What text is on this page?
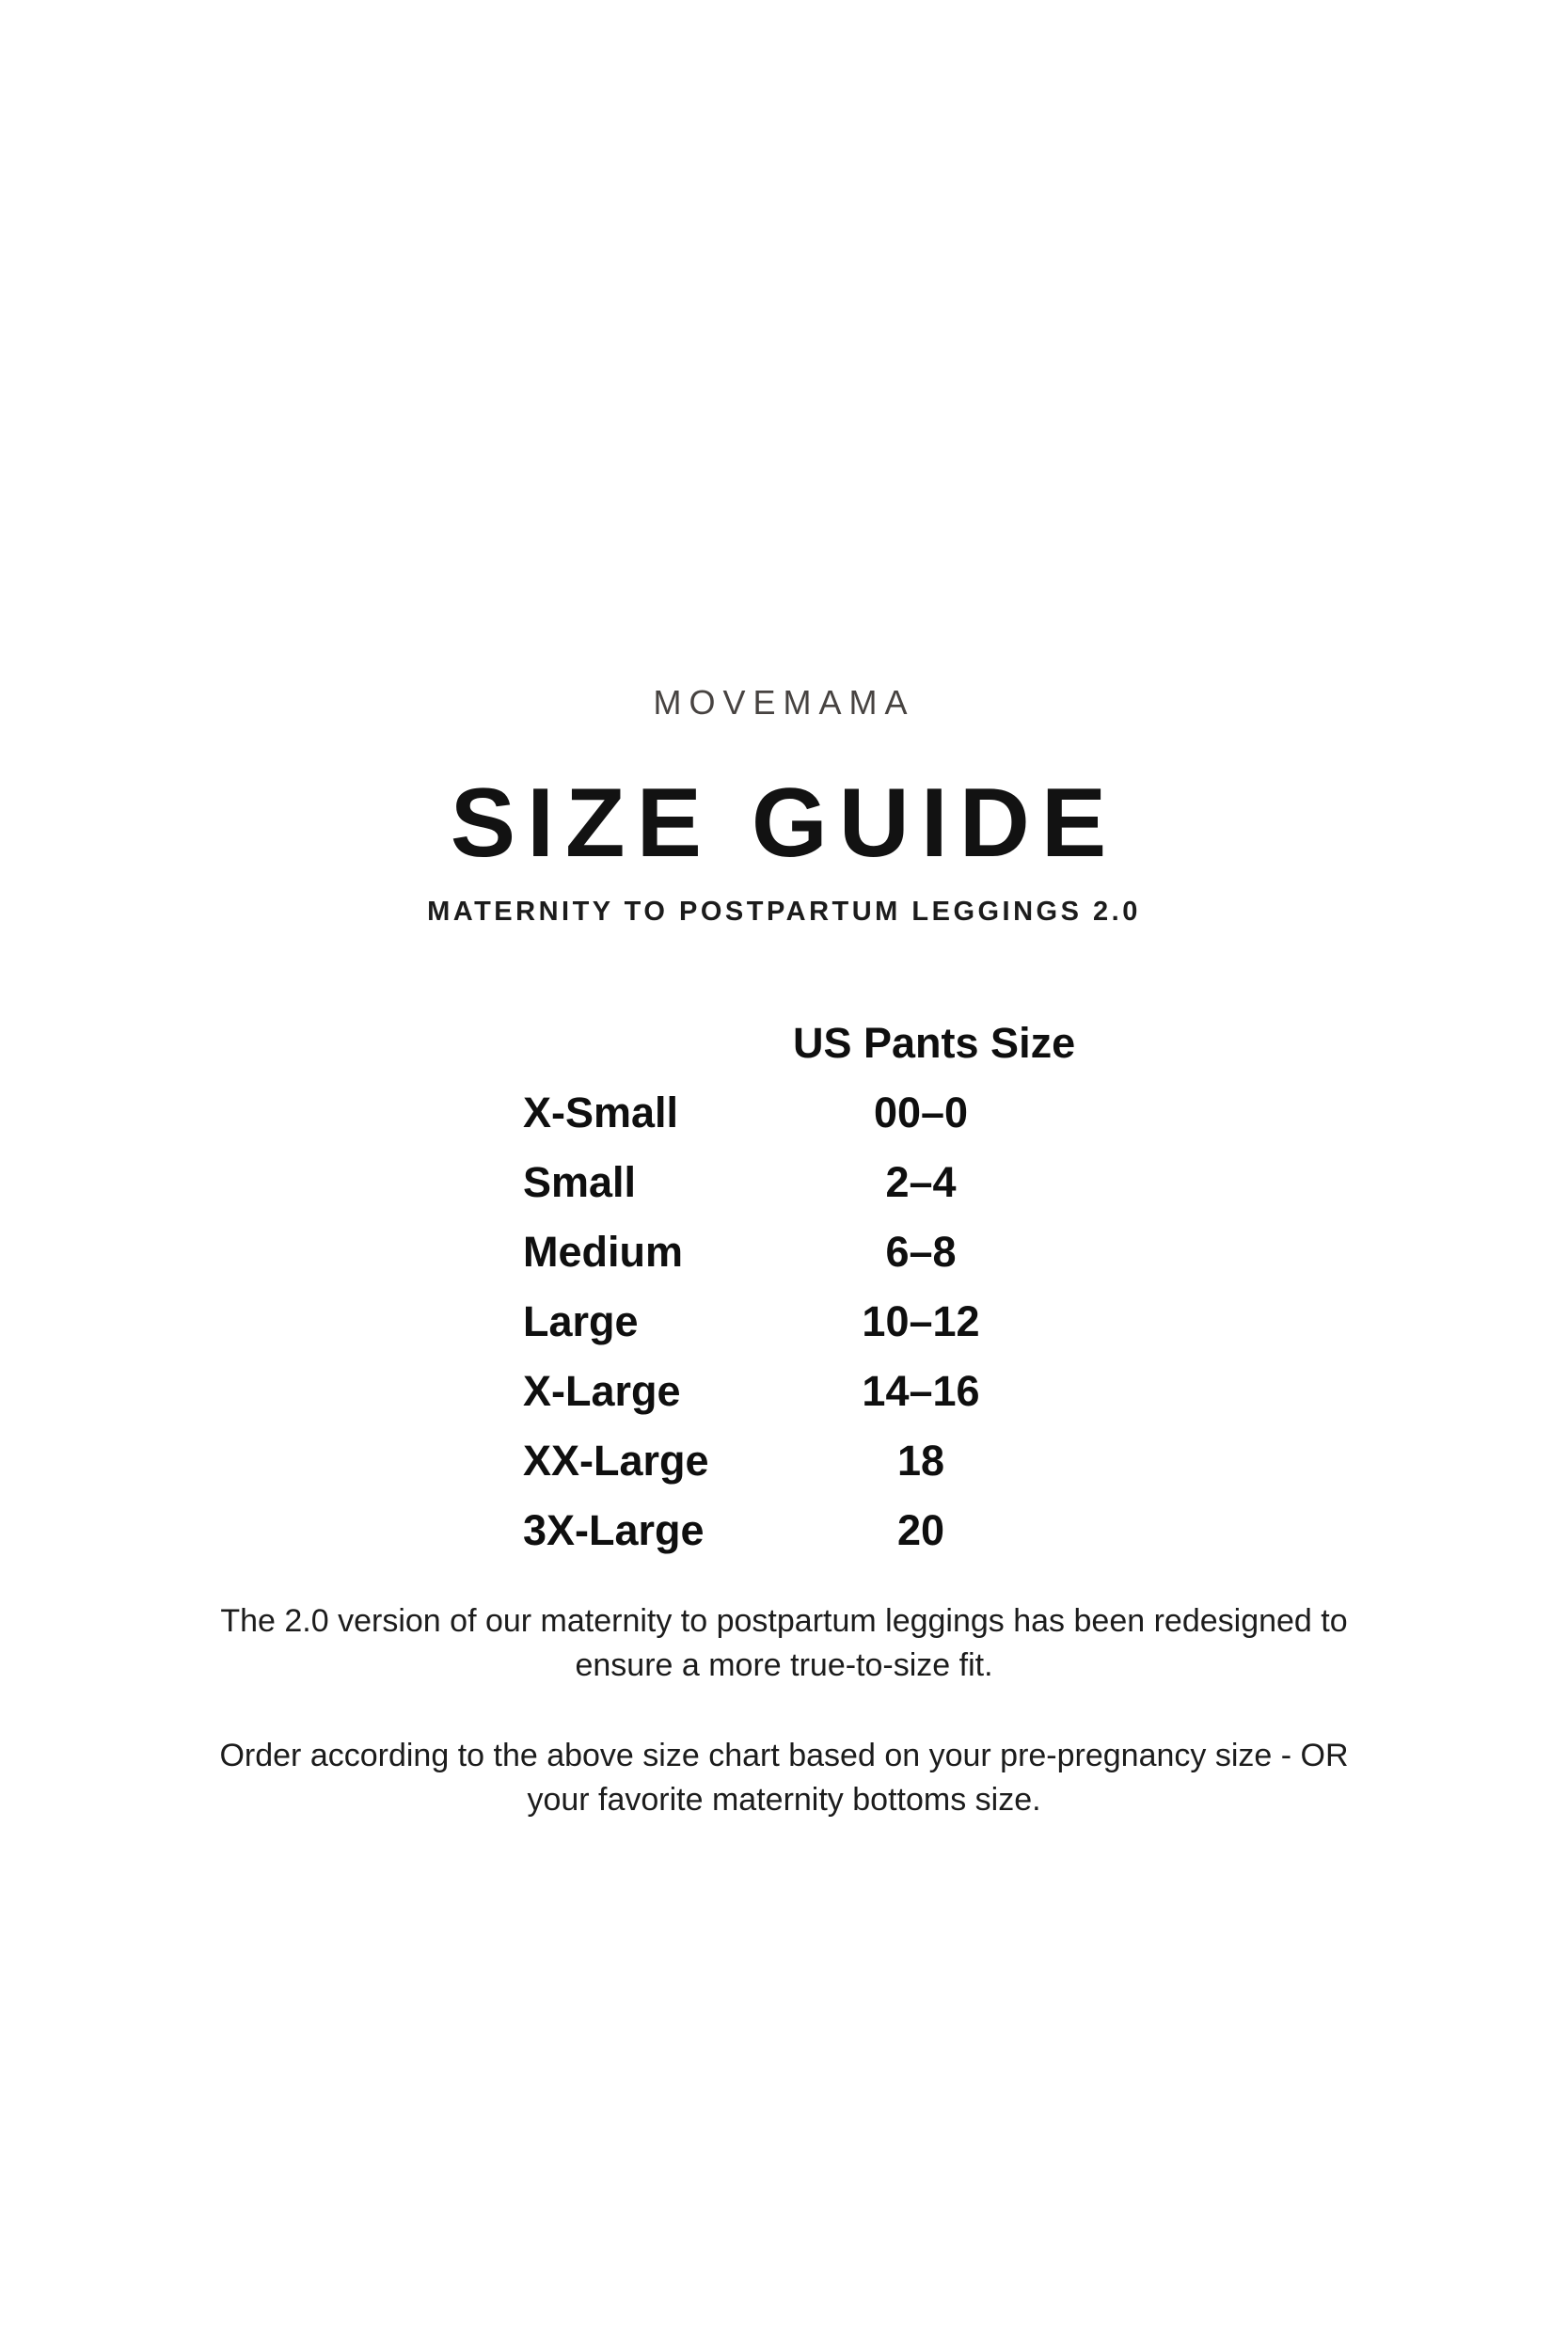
MOVEMAMA
SIZE GUIDE
MATERNITY TO POSTPARTUM LEGGINGS 2.0
US Pants Size
X-Small	00–0
Small	2–4
Medium	6–8
Large	10–12
X-Large	14–16
XX-Large	18
3X-Large	20
The 2.0 version of our maternity to postpartum leggings has been redesigned to
ensure a more true-to-size fit.
Order according to the above size chart based on your pre-pregnancy size - OR
your favorite maternity bottoms size.
